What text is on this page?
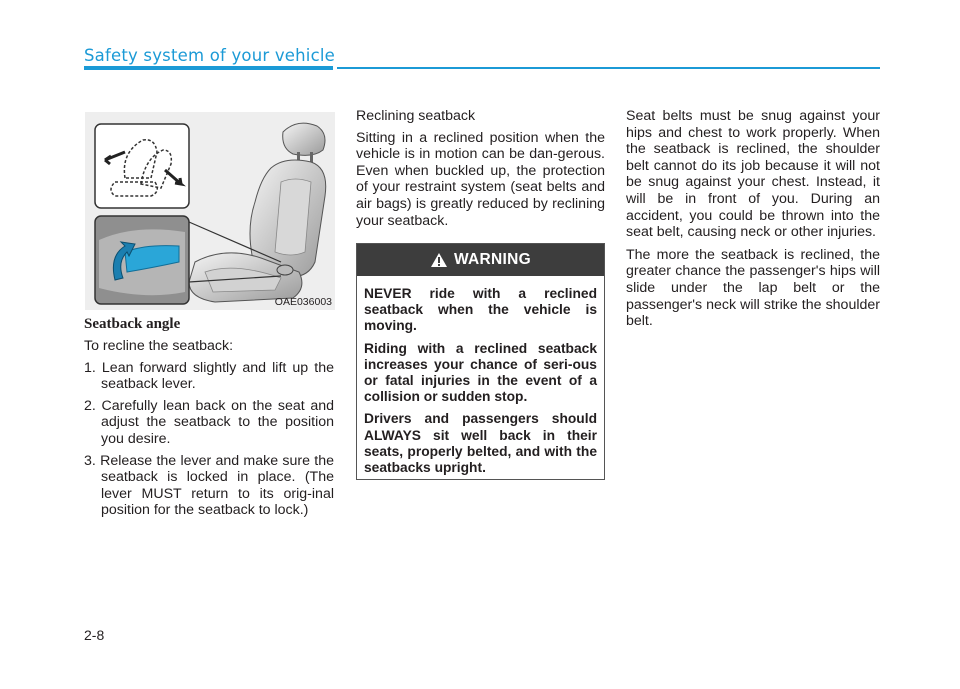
Safety system of your vehicle
OAE036003
Seatback angle

To recline the seatback:

1. Lean forward slightly and lift up the seatback lever.
2. Carefully lean back on the seat and adjust the seatback to the position you desire.
3. Release the lever and make sure the seatback is locked in place. (The lever MUST return to its orig-inal position for the seatback to lock.)

Reclining seatback

Sitting in a reclined position when the vehicle is in motion can be dan-gerous. Even when buckled up, the protection of your restraint system (seat belts and air bags) is greatly reduced by reclining your seatback.

WARNING

NEVER ride with a reclined seatback when the vehicle is moving.

Riding with a reclined seatback increases your chance of seri-ous or fatal injuries in the event of a collision or sudden stop.

Drivers and passengers should ALWAYS sit well back in their seats, properly belted, and with the seatbacks upright.

Seat belts must be snug against your hips and chest to work properly. When the seatback is reclined, the shoulder belt cannot do its job because it will not be snug against your chest. Instead, it will be in front of you. During an accident, you could be thrown into the seat belt, causing neck or other injuries.

The more the seatback is reclined, the greater chance the passenger's hips will slide under the lap belt or the passenger's neck will strike the shoulder belt.

2-8
